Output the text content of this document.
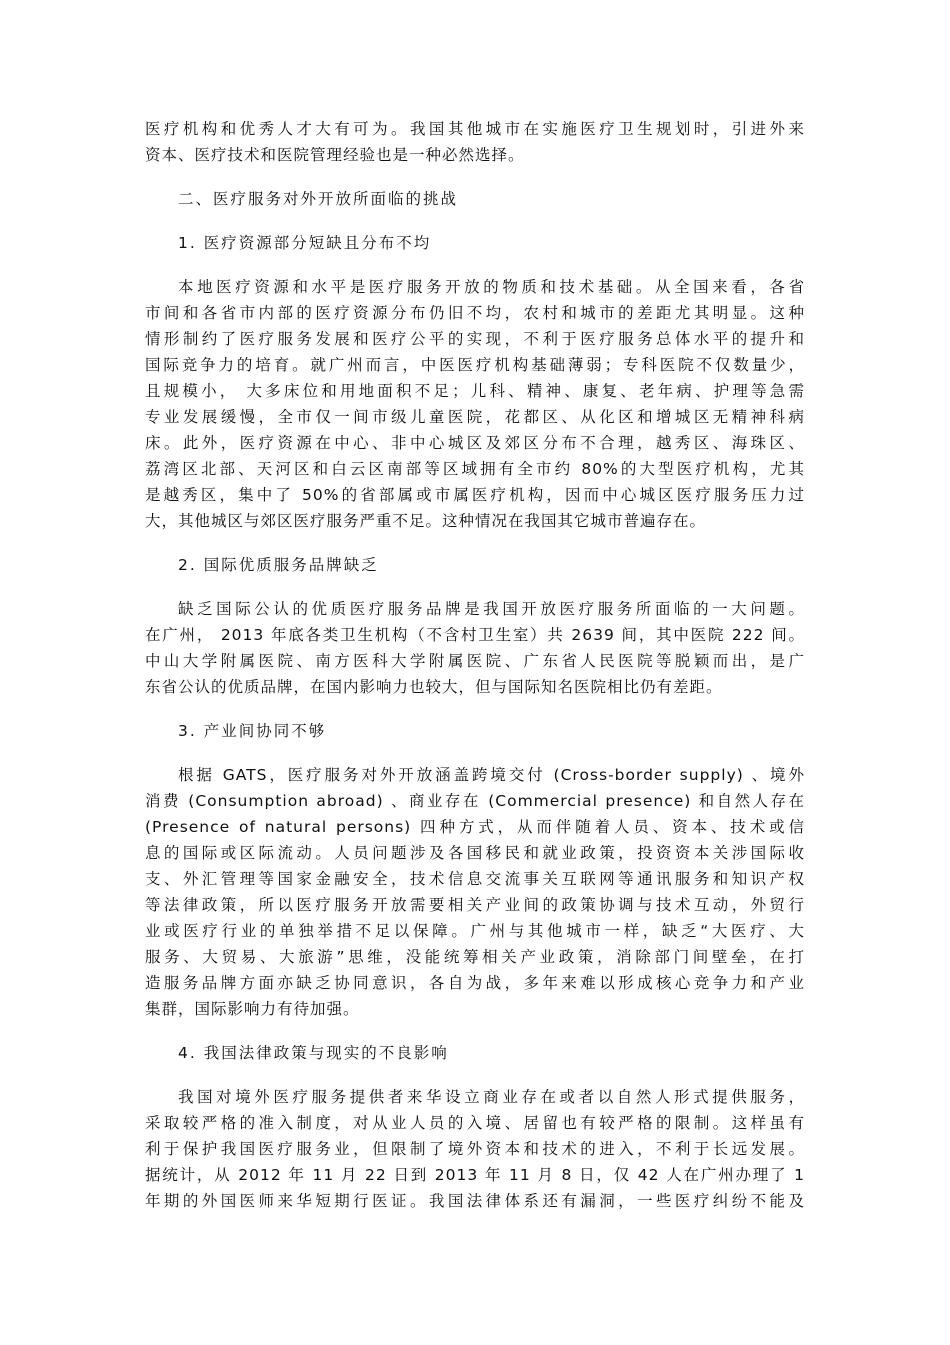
医疗机构和优秀人才大有可为。我国其他城市在实施医疗卫生规划时，引进外来
资本、医疗技术和医院管理经验也是一种必然选择。
二、医疗服务对外开放所面临的挑战
1. 医疗资源部分短缺且分布不均
本地医疗资源和水平是医疗服务开放的物质和技术基础。从全国来看，各省
市间和各省市内部的医疗资源分布仍旧不均，农村和城市的差距尤其明显。这种
情形制约了医疗服务发展和医疗公平的实现，不利于医疗服务总体水平的提升和
国际竞争力的培育。就广州而言，中医医疗机构基础薄弱；专科医院不仅数量少，
且规模小， 大多床位和用地面积不足；儿科、精神、康复、老年病、护理等急需
专业发展缓慢，全市仅一间市级儿童医院，花都区、从化区和增城区无精神科病
床。此外，医疗资源在中心、非中心城区及郊区分布不合理，越秀区、海珠区、
荔湾区北部、天河区和白云区南部等区域拥有全市约 80%的大型医疗机构，尤其
是越秀区，集中了 50%的省部属或市属医疗机构，因而中心城区医疗服务压力过
大，其他城区与郊区医疗服务严重不足。这种情况在我国其它城市普遍存在。
2. 国际优质服务品牌缺乏
缺乏国际公认的优质医疗服务品牌是我国开放医疗服务所面临的一大问题。
在广州， 2013 年底各类卫生机构（不含村卫生室）共 2639 间，其中医院 222 间。
中山大学附属医院、南方医科大学附属医院、广东省人民医院等脱颖而出，是广
东省公认的优质品牌，在国内影响力也较大，但与国际知名医院相比仍有差距。
3. 产业间协同不够
根据 GATS，医疗服务对外开放涵盖跨境交付 (Cross-border supply) 、境外
消费 (Consumption abroad) 、商业存在 (Commercial presence) 和自然人存在
(Presence of natural persons) 四种方式，从而伴随着人员、资本、技术或信
息的国际或区际流动。人员问题涉及各国移民和就业政策，投资资本关涉国际收
支、外汇管理等国家金融安全，技术信息交流事关互联网等通讯服务和知识产权
等法律政策，所以医疗服务开放需要相关产业间的政策协调与技术互动，外贸行
业或医疗行业的单独举措不足以保障。广州与其他城市一样，缺乏“大医疗、大
服务、大贸易、大旅游”思维，没能统筹相关产业政策，消除部门间壁垒，在打
造服务品牌方面亦缺乏协同意识，各自为战，多年来难以形成核心竞争力和产业
集群，国际影响力有待加强。
4. 我国法律政策与现实的不良影响
我国对境外医疗服务提供者来华设立商业存在或者以自然人形式提供服务，
采取较严格的准入制度，对从业人员的入境、居留也有较严格的限制。这样虽有
利于保护我国医疗服务业，但限制了境外资本和技术的进入，不利于长远发展。
据统计，从 2012 年 11 月 22 日到 2013 年 11 月 8 日，仅 42 人在广州办理了 1
年期的外国医师来华短期行医证。我国法律体系还有漏洞，一些医疗纠纷不能及
